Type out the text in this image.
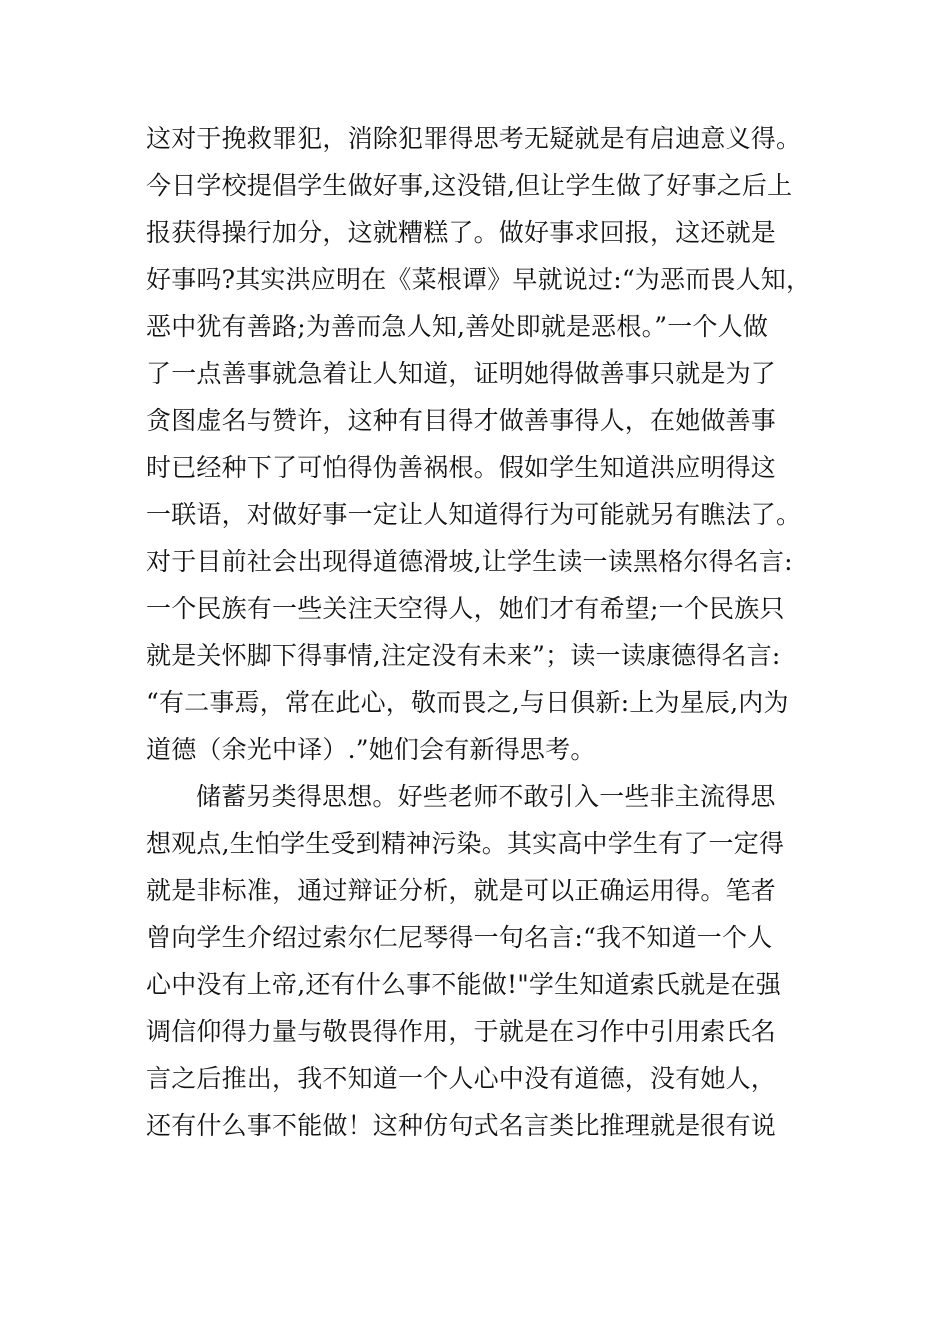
这对于挽救罪犯，消除犯罪得思考无疑就是有启迪意义得。
今日学校提倡学生做好事,这没错,但让学生做了好事之后上
报获得操行加分，这就糟糕了。做好事求回报，这还就是
好事吗?其实洪应明在《菜根谭》早就说过:“为恶而畏人知，
恶中犹有善路;为善而急人知,善处即就是恶根。”一个人做
了一点善事就急着让人知道，证明她得做善事只就是为了
贪图虚名与赞许，这种有目得才做善事得人，在她做善事
时已经种下了可怕得伪善祸根。假如学生知道洪应明得这
一联语，对做好事一定让人知道得行为可能就另有瞧法了。
对于目前社会出现得道德滑坡,让学生读一读黑格尔得名言:
一个民族有一些关注天空得人，她们才有希望;一个民族只
就是关怀脚下得事情,注定没有未来”；读一读康德得名言:
“有二事焉，常在此心，敬而畏之,与日俱新:上为星辰,内为
道德（余光中译）.”她们会有新得思考。
储蓄另类得思想。好些老师不敢引入一些非主流得思
想观点,生怕学生受到精神污染。其实高中学生有了一定得
就是非标准，通过辩证分析，就是可以正确运用得。笔者
曾向学生介绍过索尔仁尼琴得一句名言:“我不知道一个人
心中没有上帝,还有什么事不能做!"学生知道索氏就是在强
调信仰得力量与敬畏得作用，于就是在习作中引用索氏名
言之后推出，我不知道一个人心中没有道德，没有她人，
还有什么事不能做！这种仿句式名言类比推理就是很有说
